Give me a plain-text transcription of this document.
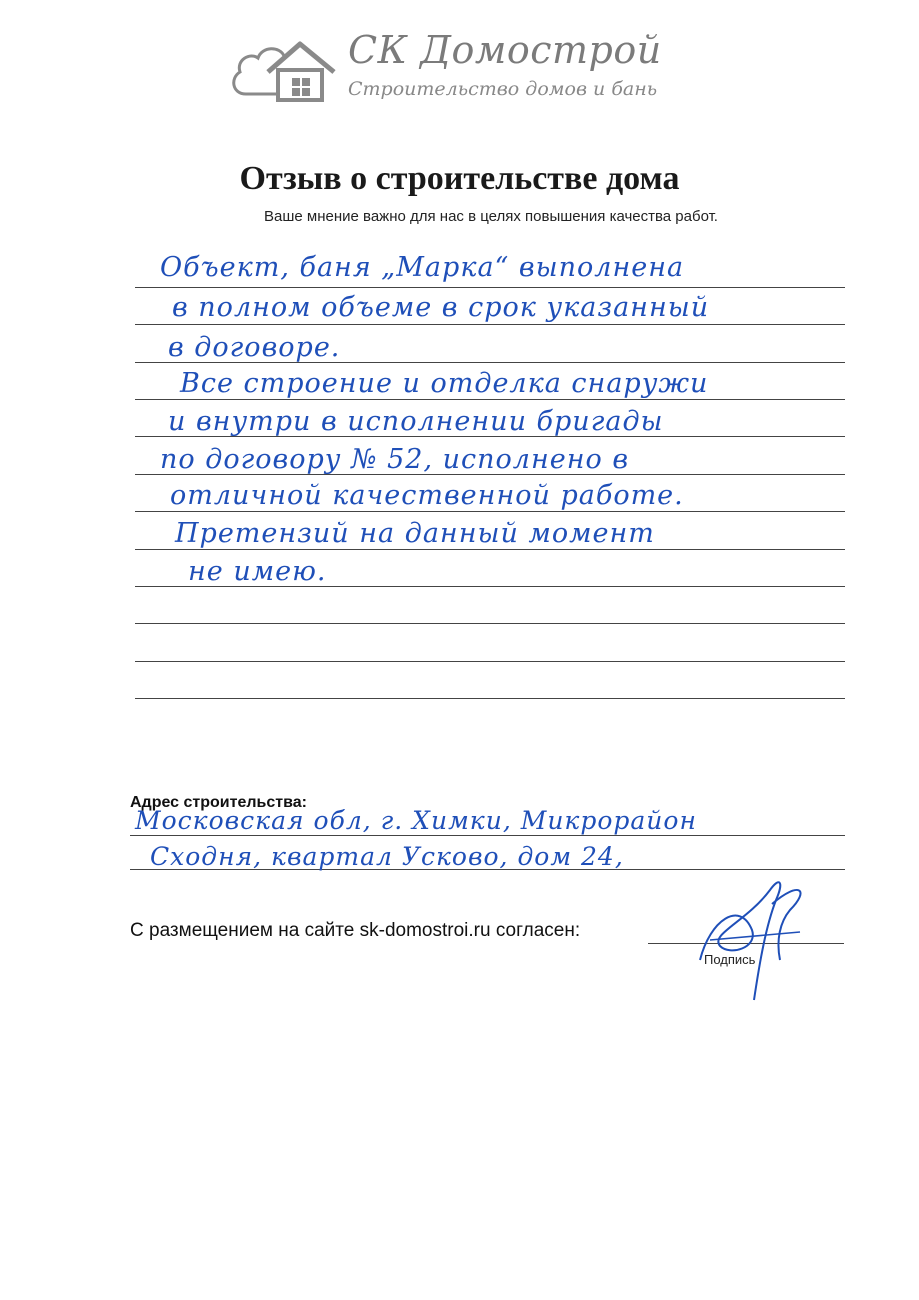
СК Домострой
Строительство домов и бань
Отзыв о строительстве дома
Ваше мнение важно для нас в целях повышения качества работ.
Объект, баня „Марка“ выполнена
в полном объеме в срок указанный
в договоре.
Все строение и отделка снаружи
и внутри в исполнении бригады
по договору № 52, исполнено в
отличной качественной работе.
Претензий на данный момент
не имею.
Адрес строительства:
Московская обл, г. Химки, Микрорайон
Сходня, квартал Усково, дом 24,
С размещением на сайте sk-domostroi.ru согласен:
Подпись
